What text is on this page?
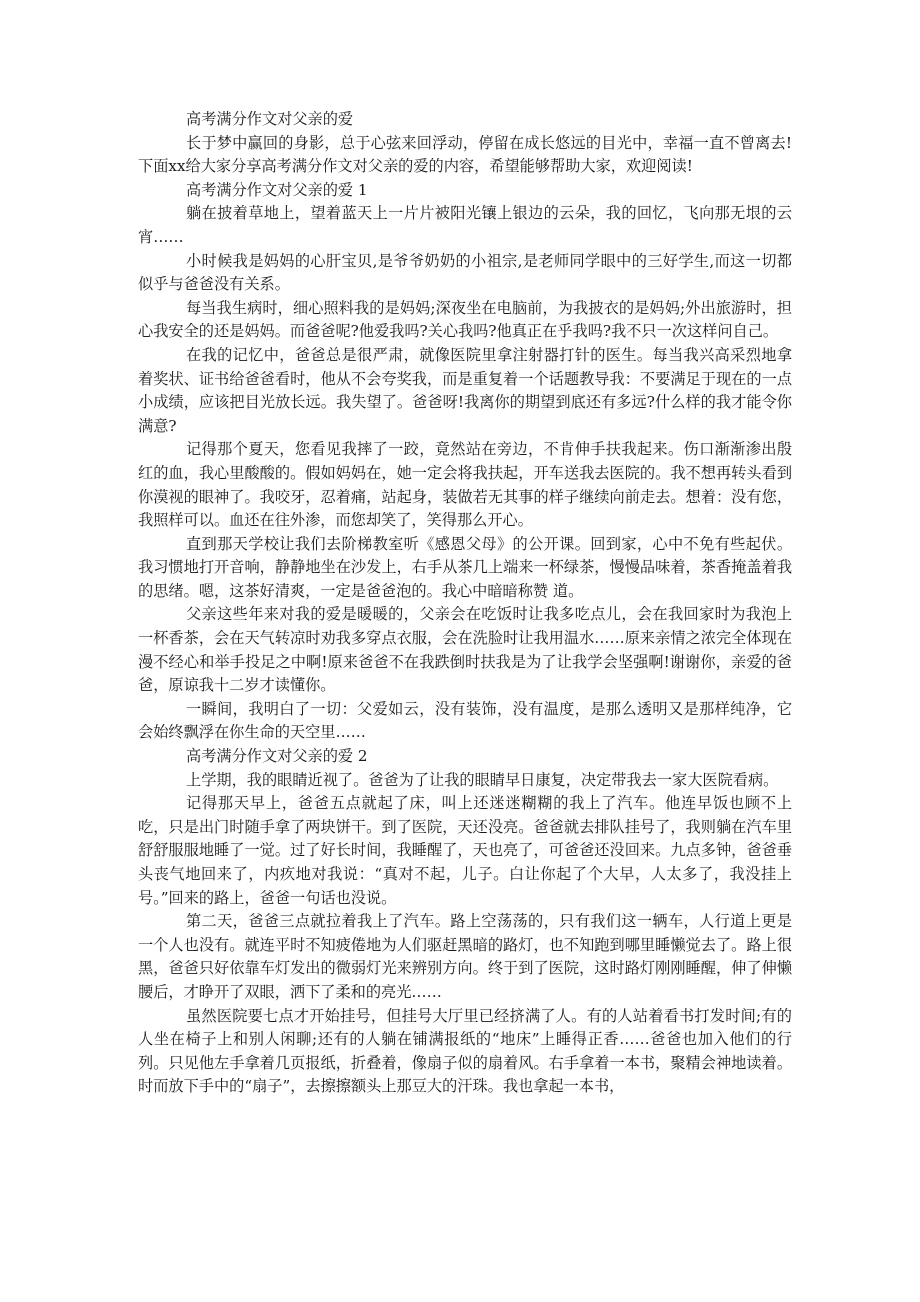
高考满分作文对父亲的爱

长于梦中赢回的身影，总于心弦来回浮动，停留在成长悠远的目光中，幸福一直不曾离去!下面xx给大家分享高考满分作文对父亲的爱的内容，希望能够帮助大家，欢迎阅读!

高考满分作文对父亲的爱 1

躺在披着草地上，望着蓝天上一片片被阳光镶上银边的云朵，我的回忆，飞向那无垠的云宵……

小时候我是妈妈的心肝宝贝,是爷爷奶奶的小祖宗,是老师同学眼中的三好学生,而这一切都似乎与爸爸没有关系。

每当我生病时，细心照料我的是妈妈;深夜坐在电脑前，为我披衣的是妈妈;外出旅游时，担心我安全的还是妈妈。而爸爸呢?他爱我吗?关心我吗?他真正在乎我吗?我不只一次这样问自己。

在我的记忆中，爸爸总是很严肃，就像医院里拿注射器打针的医生。每当我兴高采烈地拿着奖状、证书给爸爸看时，他从不会夸奖我，而是重复着一个话题教导我：不要满足于现在的一点小成绩，应该把目光放长远。我失望了。爸爸呀!我离你的期望到底还有多远?什么样的我才能令你满意?

记得那个夏天，您看见我摔了一跤，竟然站在旁边，不肯伸手扶我起来。伤口渐渐渗出殷红的血，我心里酸酸的。假如妈妈在，她一定会将我扶起，开车送我去医院的。我不想再转头看到你漠视的眼神了。我咬牙，忍着痛，站起身，装做若无其事的样子继续向前走去。想着：没有您，我照样可以。血还在往外渗，而您却笑了，笑得那么开心。

直到那天学校让我们去阶梯教室听《感恩父母》的公开课。回到家，心中不免有些起伏。我习惯地打开音响，静静地坐在沙发上，右手从茶几上端来一杯绿茶，慢慢品味着，茶香掩盖着我的思绪。嗯，这茶好清爽，一定是爸爸泡的。我心中暗暗称赞 道。

父亲这些年来对我的爱是暖暖的，父亲会在吃饭时让我多吃点儿，会在我回家时为我泡上一杯香茶，会在天气转凉时劝我多穿点衣服，会在洗脸时让我用温水……原来亲情之浓完全体现在漫不经心和举手投足之中啊!原来爸爸不在我跌倒时扶我是为了让我学会坚强啊!谢谢你，亲爱的爸爸，原谅我十二岁才读懂你。

一瞬间，我明白了一切：父爱如云，没有装饰，没有温度，是那么透明又是那样纯净，它会始终飘浮在你生命的天空里……

高考满分作文对父亲的爱 2

上学期，我的眼睛近视了。爸爸为了让我的眼睛早日康复，决定带我去一家大医院看病。

记得那天早上，爸爸五点就起了床，叫上还迷迷糊糊的我上了汽车。他连早饭也顾不上吃，只是出门时随手拿了两块饼干。到了医院，天还没亮。爸爸就去排队挂号了，我则躺在汽车里舒舒服服地睡了一觉。过了好长时间，我睡醒了，天也亮了，可爸爸还没回来。九点多钟，爸爸垂头丧气地回来了，内疚地对我说：“真对不起，儿子。白让你起了个大早，人太多了，我没挂上号。”回来的路上，爸爸一句话也没说。

第二天，爸爸三点就拉着我上了汽车。路上空荡荡的，只有我们这一辆车，人行道上更是一个人也没有。就连平时不知疲倦地为人们驱赶黑暗的路灯，也不知跑到哪里睡懒觉去了。路上很黑，爸爸只好依靠车灯发出的微弱灯光来辨别方向。终于到了医院，这时路灯刚刚睡醒，伸了伸懒腰后，才睁开了双眼，洒下了柔和的亮光……

虽然医院要七点才开始挂号，但挂号大厅里已经挤满了人。有的人站着看书打发时间;有的人坐在椅子上和别人闲聊;还有的人躺在铺满报纸的“地床”上睡得正香……爸爸也加入他们的行列。只见他左手拿着几页报纸，折叠着，像扇子似的扇着风。右手拿着一本书，聚精会神地读着。时而放下手中的“扇子”，去擦擦额头上那豆大的汗珠。我也拿起一本书，
